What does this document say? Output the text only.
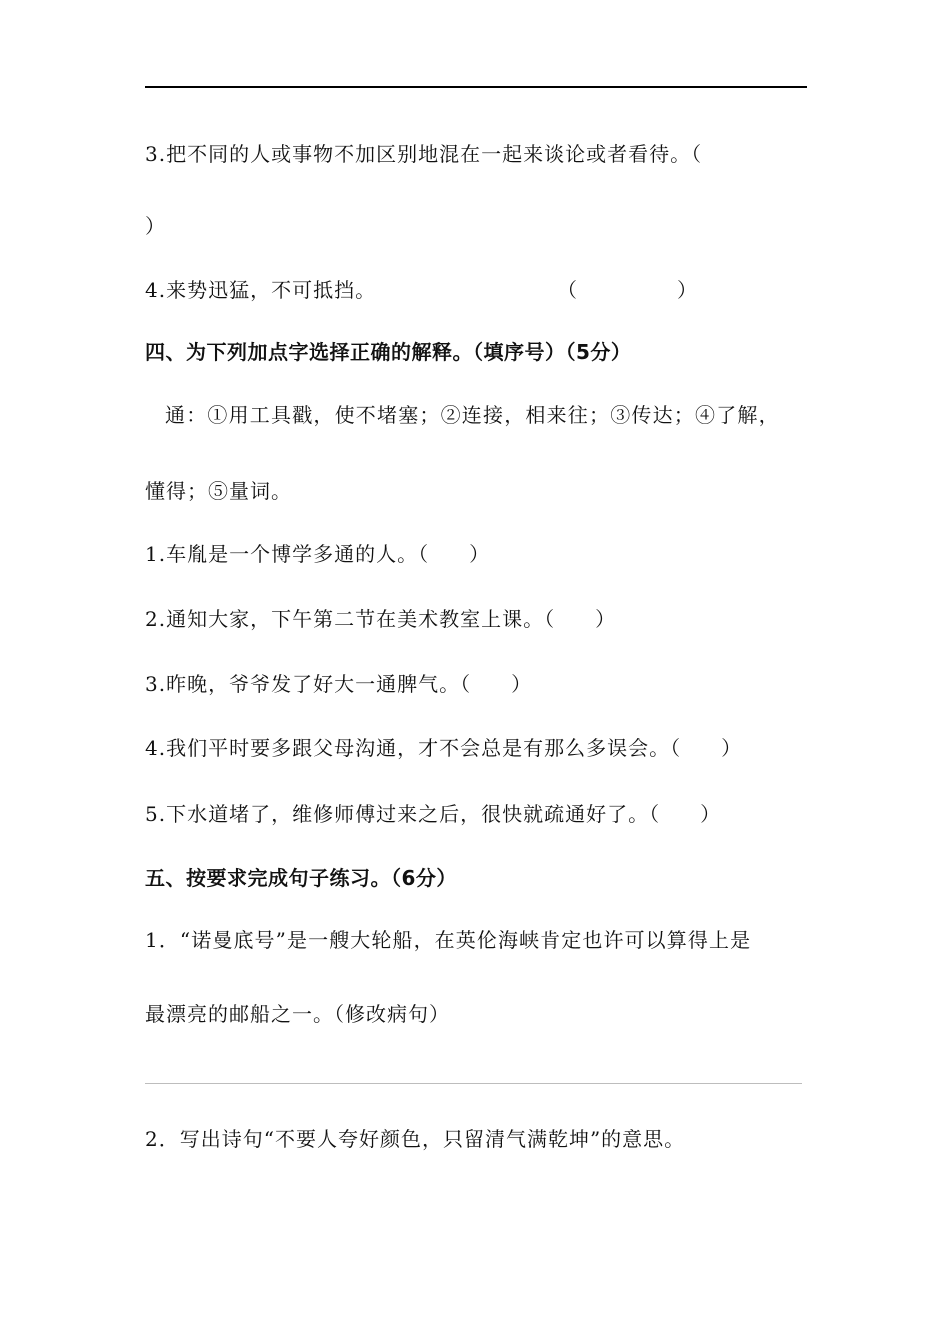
3.把不同的人或事物不加区别地混在一起来谈论或者看待。（
）
4.来势迅猛，不可抵挡。	（	）
四、为下列加点字选择正确的解释。（填序号）（5分）
通：①用工具戳，使不堵塞；②连接，相来往；③传达；④了解，
懂得；⑤量词。
1.车胤是一个博学多通的人。（ ）
2.通知大家，下午第二节在美术教室上课。（ ）
3.昨晚，爷爷发了好大一通脾气。（ ）
4.我们平时要多跟父母沟通，才不会总是有那么多误会。（ ）
5.下水道堵了，维修师傅过来之后，很快就疏通好了。（ ）
五、按要求完成句子练习。（6分）
1．“诺曼底号”是一艘大轮船，在英伦海峡肯定也许可以算得上是
最漂亮的邮船之一。（修改病句）
2．写出诗句“不要人夸好颜色，只留清气满乾坤”的意思。
